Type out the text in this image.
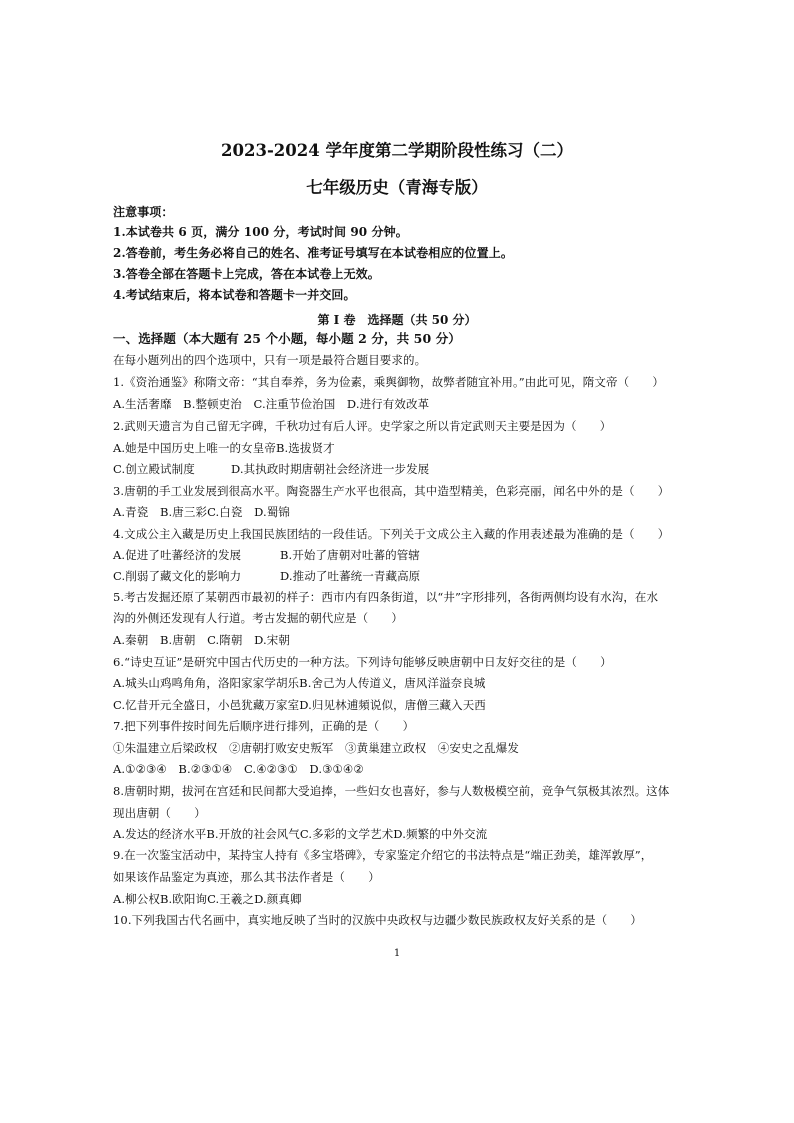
2023-2024 学年度第二学期阶段性练习（二）
七年级历史（青海专版）
注意事项：
1.本试卷共 6 页，满分 100 分，考试时间 90 分钟。
2.答卷前，考生务必将自己的姓名、准考证号填写在本试卷相应的位置上。
3.答卷全部在答题卡上完成，答在本试卷上无效。
4.考试结束后，将本试卷和答题卡一并交回。
第 I 卷　选择题（共 50 分）
一、选择题（本大题有 25 个小题，每小题 2 分，共 50 分）
在每小题列出的四个选项中，只有一项是最符合题目要求的。
1.《资治通鉴》称隋文帝：“其自奉养，务为俭素，乘舆御物，故弊者随宜补用。”由此可见，隋文帝（　　）
A.生活奢靡　B.整顿吏治　C.注重节俭治国　D.进行有效改革
2.武则天遗言为自己留无字碑，千秋功过有后人评。史学家之所以肯定武则天主要是因为（　　）
A.她是中国历史上唯一的女皇帝B.选拔贤才
C.创立殿试制度	D.其执政时期唐朝社会经济进一步发展
3.唐朝的手工业发展到很高水平。陶瓷器生产水平也很高，其中造型精美，色彩亮丽，闻名中外的是（　　）
A.青瓷　B.唐三彩C.白瓷　D.蜀锦
4.文成公主入藏是历史上我国民族团结的一段佳话。下列关于文成公主入藏的作用表述最为准确的是（　　）
A.促进了吐蕃经济的发展	B.开始了唐朝对吐蕃的管辖
C.削弱了藏文化的影响力	D.推动了吐蕃统一青藏高原
5.考古发掘还原了某朝西市最初的样子：西市内有四条街道，以“井”字形排列，各街两侧均设有水沟，在水
沟的外侧还发现有人行道。考古发掘的朝代应是（　　）
A.秦朝　B.唐朝　C.隋朝　D.宋朝
6.“诗史互证”是研究中国古代历史的一种方法。下列诗句能够反映唐朝中日友好交往的是（　　）
A.城头山鸡鸣角角，洛阳家家学胡乐B.舍己为人传道义，唐风洋溢奈良城
C.忆昔开元全盛日，小邑犹藏万家室D.归见林逋頻说似，唐僧三藏入天西
7.把下列事件按时间先后顺序进行排列，正确的是（　　）
①朱温建立后梁政权　②唐朝打败安史叛军　③黄巢建立政权　④安史之乱爆发
A.①②③④　B.②③①④　C.④②③①　D.③①④②
8.唐朝时期，拔河在宫廷和民间都大受追捧，一些妇女也喜好，参与人数极模空前，竞争气氛极其浓烈。这体
现出唐朝（　　）
A.发达的经济水平B.开放的社会风气C.多彩的文学艺术D.频繁的中外交流
9.在一次鉴宝活动中，某持宝人持有《多宝塔碑》，专家鉴定介绍它的书法特点是“端正劲美，雄浑敦厚”，
如果该作品鉴定为真迹，那么其书法作者是（　　）
A.柳公权B.欧阳询C.王羲之D.颜真卿
10.下列我国古代名画中，真实地反映了当时的汉族中央政权与边疆少数民族政权友好关系的是（　　）
1
